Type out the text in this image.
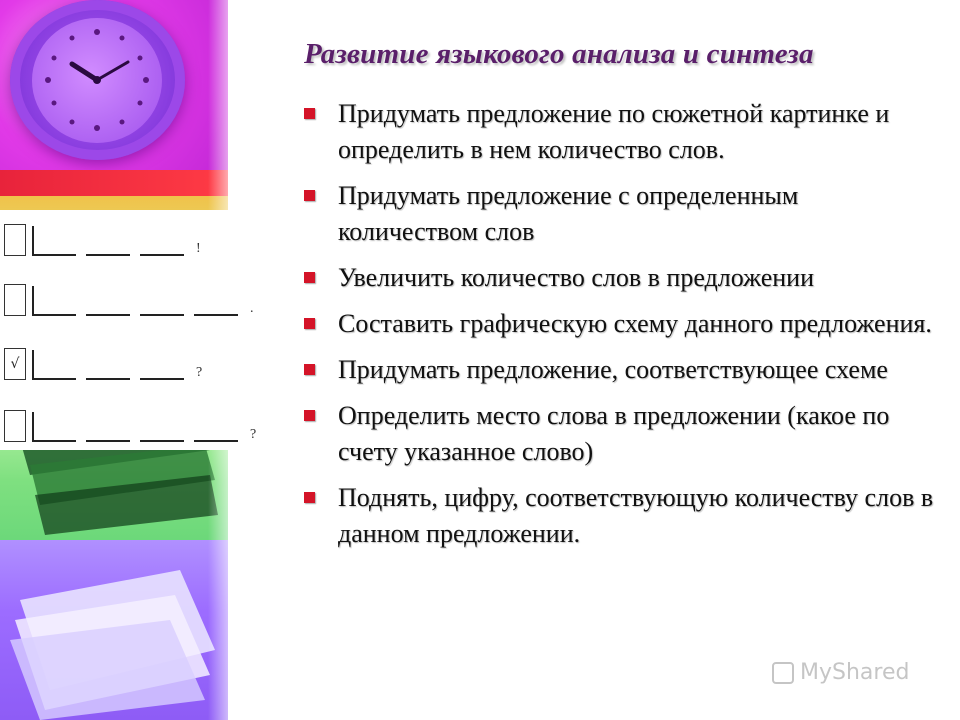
!
.
√
?
?
Развитие языкового анализа и синтеза
Придумать предложение по сюжетной картинке и определить в нем количество слов.
Придумать предложение с определенным количеством слов
Увеличить количество слов в предложении
Составить графическую схему данного предложения.
Придумать предложение, соответствующее схеме
Определить место слова в предложении (какое по счету указанное слово)
Поднять, цифру, соответствующую количеству слов в данном предложении.
MyShared
